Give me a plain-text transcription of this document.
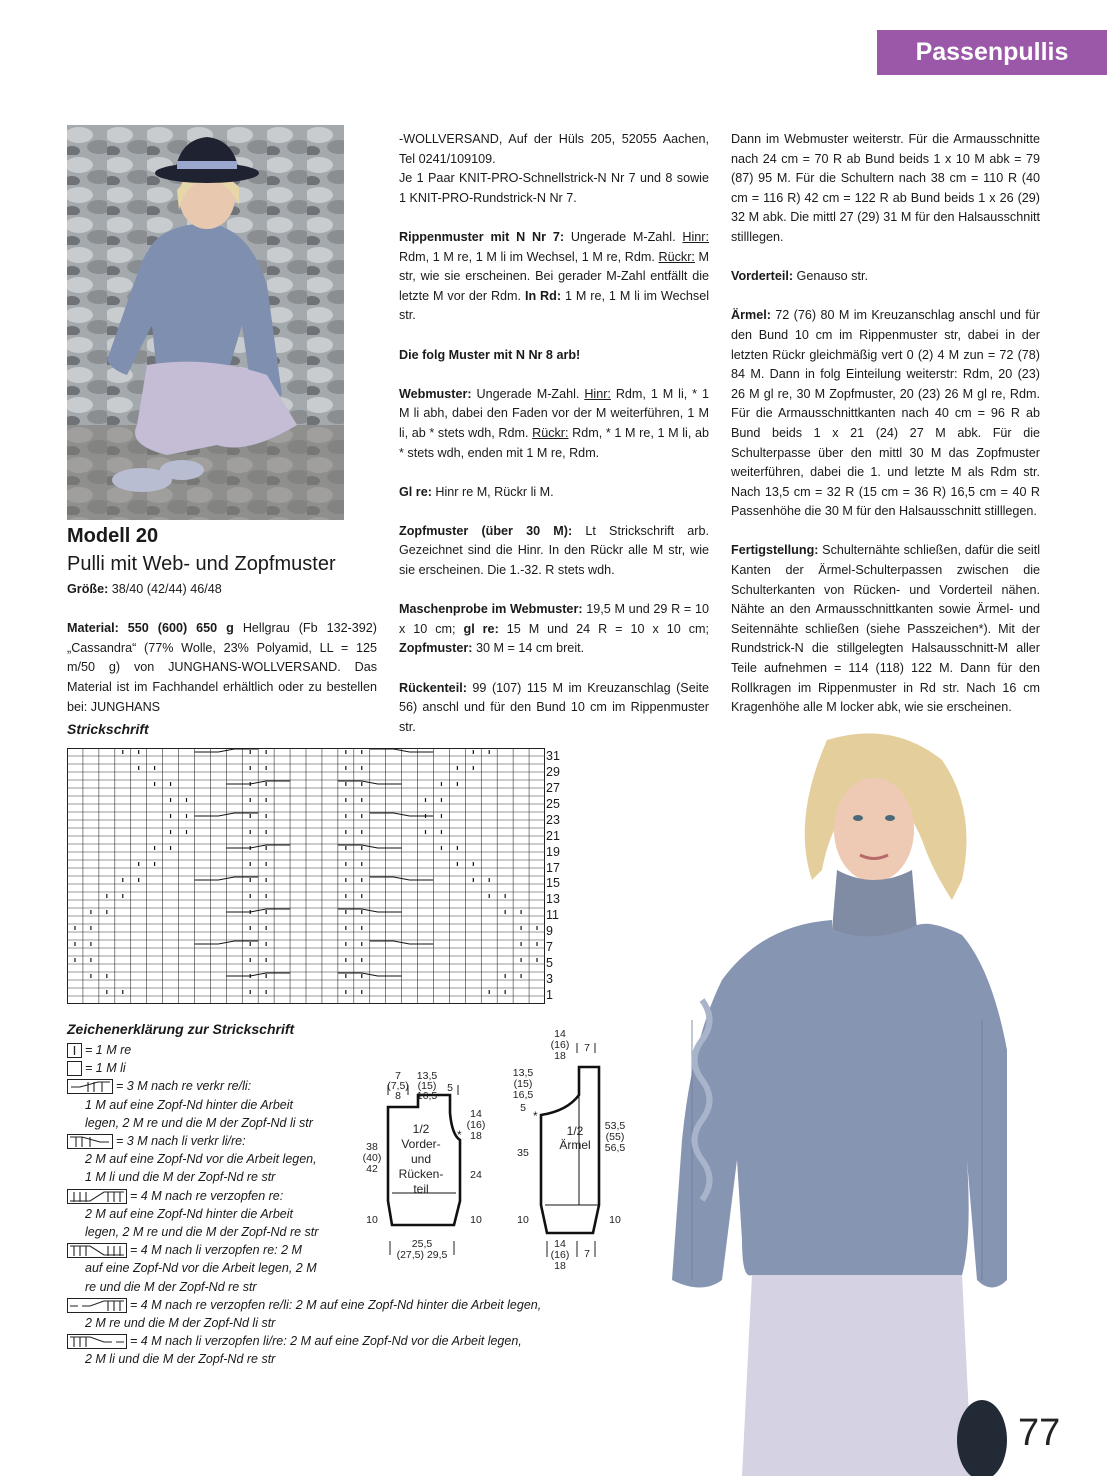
Passenpullis
Modell 20
Pulli mit Web- und Zopfmuster

Größe: 38/40 (42/44) 46/48

Material: 550 (600) 650 g Hellgrau (Fb 132-392) „Cassandra“ (77% Wolle, 23% Polyamid, LL = 125 m/50 g) von JUNGHANS-WOLLVERSAND. Das Material ist im Fachhandel erhältlich oder zu bestellen bei: JUNGHANS

-WOLLVERSAND, Auf der Hüls 205, 52055 Aachen, Tel 0241/109109.

Je 1 Paar KNIT-PRO-Schnellstrick-N Nr 7 und 8 sowie 1 KNIT-PRO-Rundstrick-N Nr 7.

Rippenmuster mit N Nr 7: Ungerade M-Zahl. Hinr: Rdm, 1 M re, 1 M li im Wechsel, 1 M re, Rdm. Rückr: M str, wie sie erscheinen. Bei gerader M-Zahl entfällt die letzte M vor der Rdm. In Rd: 1 M re, 1 M li im Wechsel str.

Die folg Muster mit N Nr 8 arb!

Webmuster: Ungerade M-Zahl. Hinr: Rdm, 1 M li, * 1 M li abh, dabei den Faden vor der M weiterführen, 1 M li, ab * stets wdh, Rdm. Rückr: Rdm, * 1 M re, 1 M li, ab * stets wdh, enden mit 1 M re, Rdm.

Gl re: Hinr re M, Rückr li M.

Zopfmuster (über 30 M): Lt Strickschrift arb. Gezeichnet sind die Hinr. In den Rückr alle M str, wie sie erscheinen. Die 1.-32. R stets wdh.

Maschenprobe im Webmuster: 19,5 M und 29 R = 10 x 10 cm; gl re: 15 M und 24 R = 10 x 10 cm; Zopfmuster: 30 M = 14 cm breit.

Rückenteil: 99 (107) 115 M im Kreuzanschlag (Seite 56) anschl und für den Bund 10 cm im Rippenmuster str.

Dann im Webmuster weiterstr. Für die Armausschnitte nach 24 cm = 70 R ab Bund beids 1 x 10 M abk = 79 (87) 95 M. Für die Schultern nach 38 cm = 110 R (40 cm = 116 R) 42 cm = 122 R ab Bund beids 1 x 26 (29) 32 M abk. Die mittl 27 (29) 31 M für den Halsausschnitt stilllegen.

Vorderteil: Genauso str.

Ärmel: 72 (76) 80 M im Kreuzanschlag anschl und für den Bund 10 cm im Rippenmuster str, dabei in der letzten Rückr gleichmäßig vert 0 (2) 4 M zun = 72 (78) 84 M. Dann in folg Einteilung weiterstr: Rdm, 20 (23) 26 M gl re, 30 M Zopfmuster, 20 (23) 26 M gl re, Rdm. Für die Armausschnittkanten nach 40 cm = 96 R ab Bund beids 1 x 21 (24) 27 M abk. Für die Schulterpasse über den mittl 30 M das Zopfmuster weiterführen, dabei die 1. und letzte M als Rdm str. Nach 13,5 cm = 32 R (15 cm = 36 R) 16,5 cm = 40 R Passenhöhe die 30 M für den Halsausschnitt stilllegen.

Fertigstellung: Schulternähte schließen, dafür die seitl Kanten der Ärmel-Schulterpassen zwischen die Schulterkanten von Rücken- und Vorderteil nähen. Nähte an den Armausschnittkanten sowie Ärmel- und Seitennähte schließen (siehe Passzeichen*). Mit der Rundstrick-N die stillgelegten Halsausschnitt-M aller Teile aufnehmen = 114 (118) 122 M. Dann für den Rollkragen im Rippenmuster in Rd str. Nach 16 cm Kragenhöhe alle M locker abk, wie sie erscheinen.

Strickschrift
31
29
27
25
23
21
19
17
15
13
11
9
7
5
3
1
Zeichenerklärung zur Strickschrift
= 1 M re
= 1 M li
= 3 M nach re verkr re/li:
1 M auf eine Zopf-Nd hinter die Arbeit
legen, 2 M re und die M der Zopf-Nd li str
= 3 M nach li verkr li/re:
2 M auf eine Zopf-Nd vor die Arbeit legen,
1 M li und die M der Zopf-Nd re str
= 4 M nach re verzopfen re:
2 M auf eine Zopf-Nd hinter die Arbeit
legen, 2 M re und die M der Zopf-Nd re str
= 4 M nach li verzopfen re: 2 M
auf eine Zopf-Nd vor die Arbeit legen, 2 M
re und die M der Zopf-Nd re str
= 4 M nach re verzopfen re/li: 2 M auf eine Zopf-Nd hinter die Arbeit legen,
2 M re und die M der Zopf-Nd li str
= 4 M nach li verzopfen li/re: 2 M auf eine Zopf-Nd vor die Arbeit legen,
2 M li und die M der Zopf-Nd re str
7
(7,5)
8
13,5
(15)
16,5
5
14
(16)
18
*
38
(40)
42
1/2
Vorder-
und
Rücken-
teil
24
10	10
25,5
(27,5) 29,5
14
(16)
18
7
13,5
(15)
16,5
5
*
1/2
Ärmel
35
53,5
(55)
56,5
10	10
14
(16)
18
7
77
